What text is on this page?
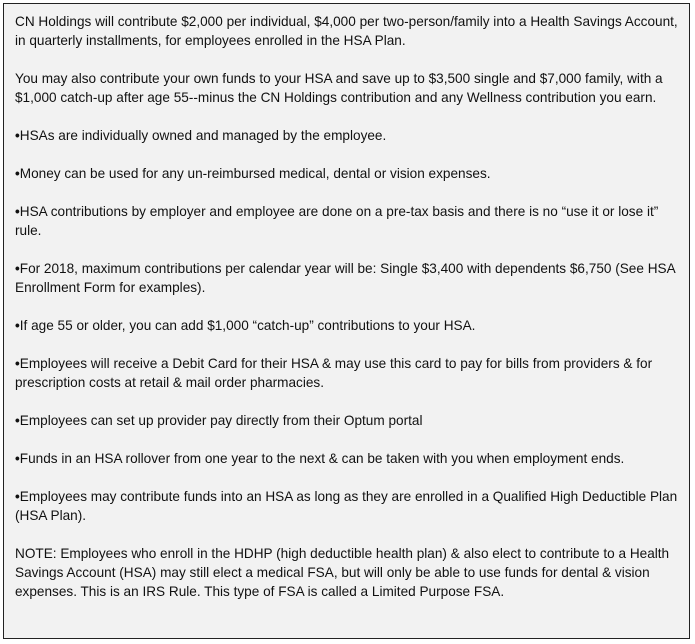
CN Holdings will contribute $2,000 per individual, $4,000 per two-person/family into a Health Savings Account, in quarterly installments, for employees enrolled in the HSA Plan.

You may also contribute your own funds to your HSA and save up to $3,500 single and $7,000 family, with a $1,000 catch-up after age 55--minus the CN Holdings contribution and any Wellness contribution you earn.

•HSAs are individually owned and managed by the employee.

•Money can be used for any un-reimbursed medical, dental or vision expenses.

•HSA contributions by employer and employee are done on a pre-tax basis and there is no “use it or lose it” rule.

•For 2018, maximum contributions per calendar year will be: Single $3,400 with dependents $6,750 (See HSA Enrollment Form for examples).

•If age 55 or older, you can add $1,000 “catch-up” contributions to your HSA.

•Employees will receive a Debit Card for their HSA & may use this card to pay for bills from providers & for prescription costs at retail & mail order pharmacies.

•Employees can set up provider pay directly from their Optum portal

•Funds in an HSA rollover from one year to the next & can be taken with you when employment ends.

•Employees may contribute funds into an HSA as long as they are enrolled in a Qualified High Deductible Plan (HSA Plan).

NOTE: Employees who enroll in the HDHP (high deductible health plan) & also elect to contribute to a Health Savings Account (HSA) may still elect a medical FSA, but will only be able to use funds for dental & vision expenses. This is an IRS Rule. This type of FSA is called a Limited Purpose FSA.
